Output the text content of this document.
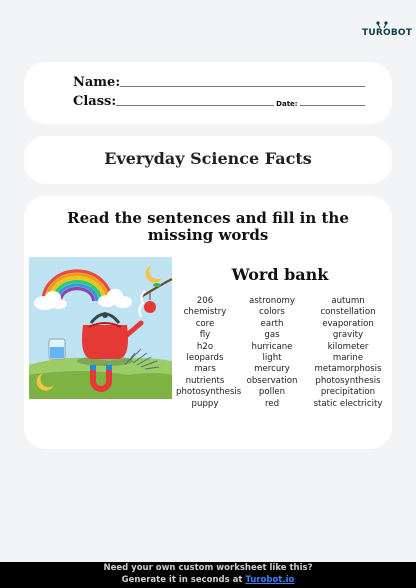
TUROBOT
Name:
Class:	Date:
Everyday Science Facts
Read the sentences and fill in the missing words
Word bank
206	astronomy	autumn
chemistry	colors	constellation
core	earth	evaporation
fly	gas	gravity
h2o	hurricane	kilometer
leopards	light	marine
mars	mercury	metamorphosis
nutrients	observation	photosynthesis
photosynthesis	pollen	precipitation
puppy	red	static electricity
Need your own custom worksheet like this?
Generate it in seconds at Turobot.io
